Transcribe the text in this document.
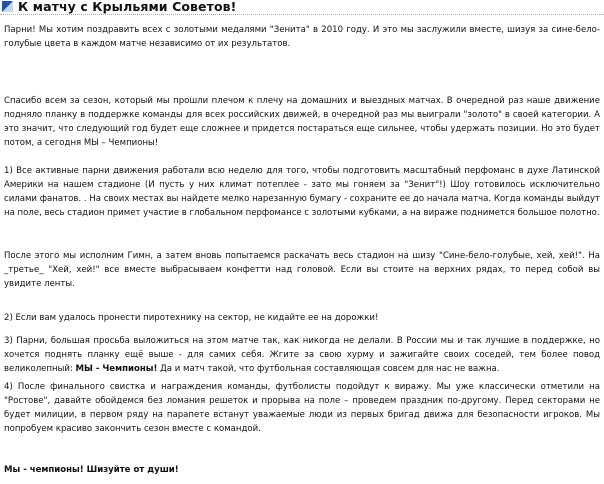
К матчу с Крыльями Советов!

Парни! Мы хотим поздравить всех с золотыми медалями "Зенита" в 2010 году. И это мы заслужили вместе, шизуя за сине-бело-голубые цвета в каждом матче независимо от их результатов.

Спасибо всем за сезон, который мы прошли плечом к плечу на домашних и выездных матчах. В очередной раз наше движение подняло планку в поддержке команды для всех российских движей, в очередной раз мы выиграли "золото" в своей категории. А это значит, что следующий год будет еще сложнее и придется постараться еще сильнее, чтобы удержать позиции. Но это будет потом, а сегодня МЫ – Чемпионы!

1) Все активные парни движения работали всю неделю для того, чтобы подготовить масштабный перфоманс в духе Латинской Америки на нашем стадионе (И пусть у них климат потеплее - зато мы гоняем за "Зенит"!) Шоу готовилось исключительно силами фанатов. . На своих местах вы найдете мелко нарезанную бумагу - сохраните ее до начала матча. Когда команды выйдут на поле, весь стадион примет участие в глобальном перфомансе с золотыми кубками, а на вираже поднимется большое полотно.

После этого мы исполним Гимн, а затем вновь попытаемся раскачать весь стадион на шизу "Сине-бело-голубые, хей, хей!". На _третье_ "Хей, хей!" все вместе выбрасываем конфетти над головой. Если вы стоите на верхних рядах, то перед собой вы увидите ленты.

2) Если вам удалось пронести пиротехнику на сектор, не кидайте ее на дорожки!

3) Парни, большая просьба выложиться на этом матче так, как никогда не делали. В России мы и так лучшие в поддержке, но хочется поднять планку ещё выше - для самих себя. Жгите за свою хурму и зажигайте своих соседей, тем более повод великолепный: МЫ - Чемпионы! Да и матч такой, что футбольная составляющая совсем для нас не важна.

4) После финального свистка и награждения команды, футболисты подойдут к виражу. Мы уже классически отметили на "Ростове", давайте обойдемся без ломания решеток и прорыва на поле – проведем праздник по-другому. Перед секторами не будет милиции, в первом ряду на парапете встанут уважаемые люди из первых бригад движа для безопасности игроков. Мы попробуем красиво закончить сезон вместе с командой.

Мы - чемпионы! Шизуйте от души!
